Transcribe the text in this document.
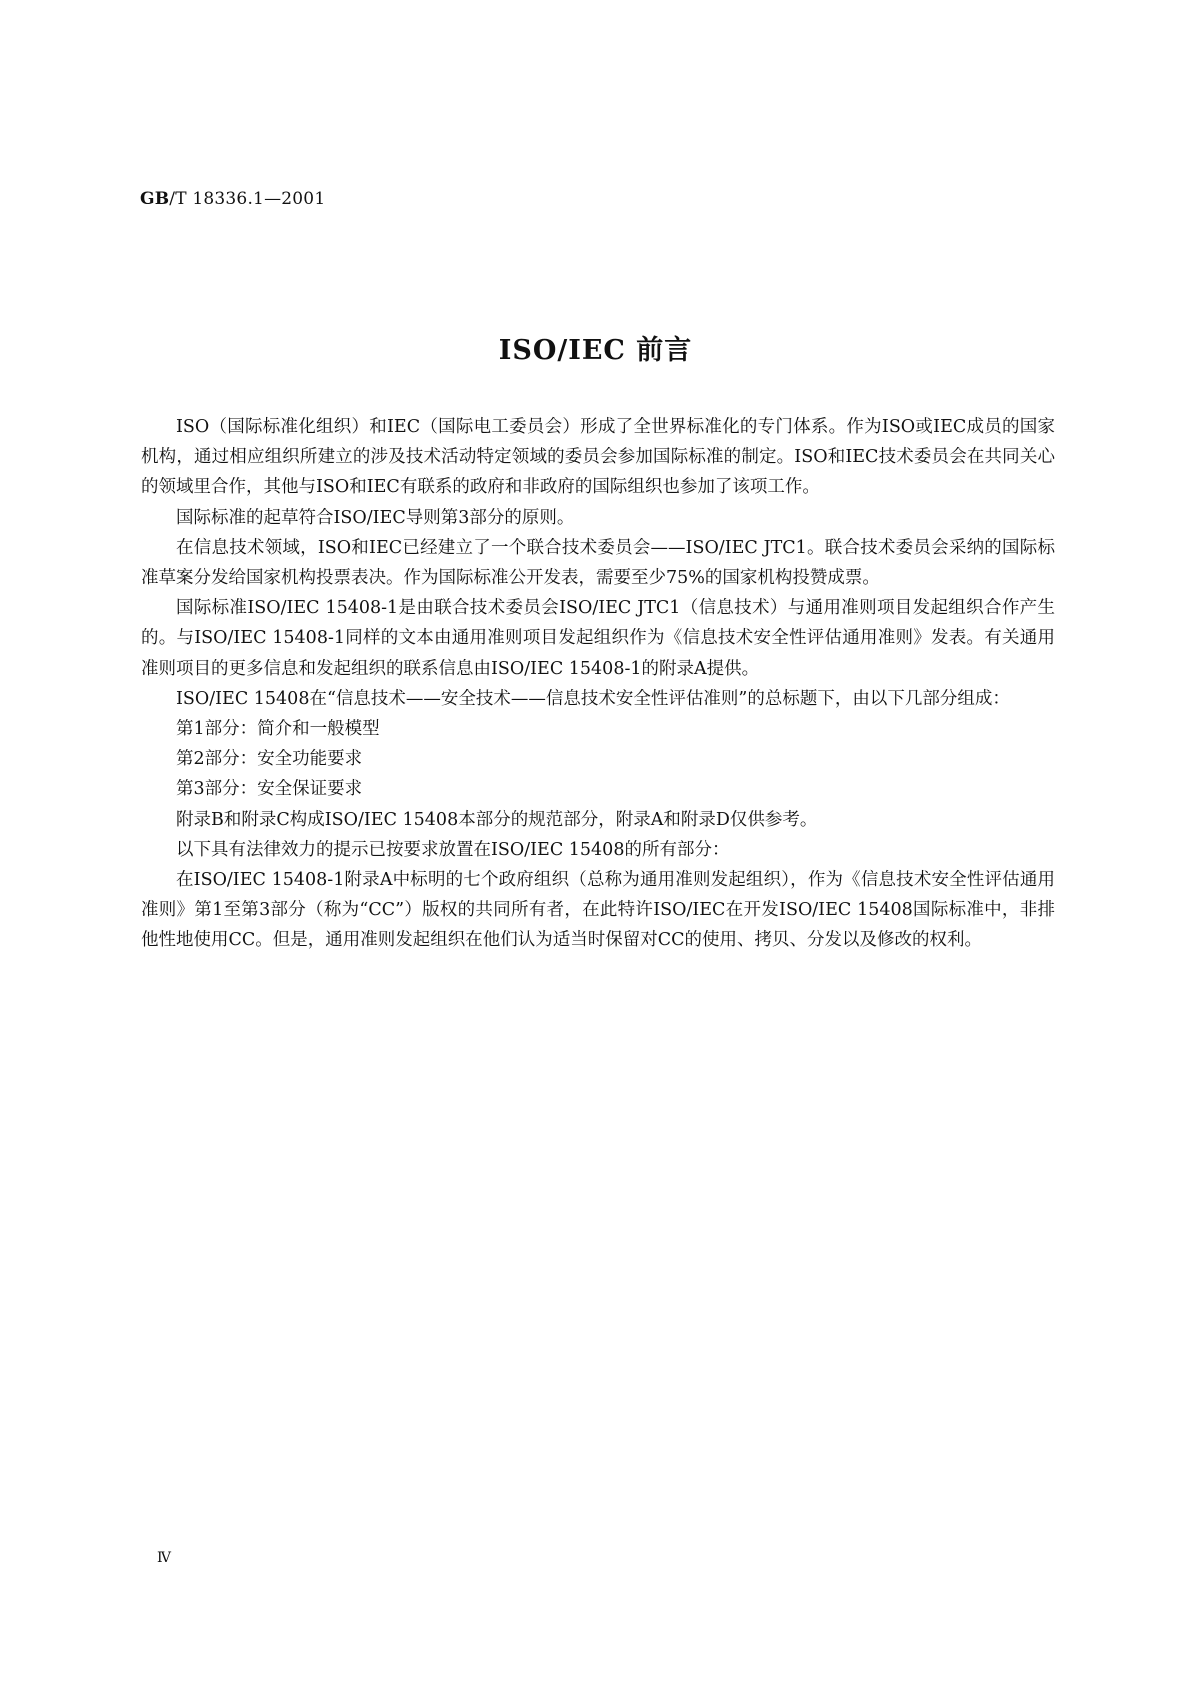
GB/T 18336.1—2001
ISO/IEC 前言

ISO（国际标准化组织）和IEC（国际电工委员会）形成了全世界标准化的专门体系。作为ISO或IEC成员的国家机构，通过相应组织所建立的涉及技术活动特定领域的委员会参加国际标准的制定。ISO和IEC技术委员会在共同关心的领域里合作，其他与ISO和IEC有联系的政府和非政府的国际组织也参加了该项工作。

国际标准的起草符合ISO/IEC导则第3部分的原则。

在信息技术领域，ISO和IEC已经建立了一个联合技术委员会——ISO/IEC JTC1。联合技术委员会采纳的国际标准草案分发给国家机构投票表决。作为国际标准公开发表，需要至少75%的国家机构投赞成票。

国际标准ISO/IEC 15408-1是由联合技术委员会ISO/IEC JTC1（信息技术）与通用准则项目发起组织合作产生的。与ISO/IEC 15408-1同样的文本由通用准则项目发起组织作为《信息技术安全性评估通用准则》发表。有关通用准则项目的更多信息和发起组织的联系信息由ISO/IEC 15408-1的附录A提供。

ISO/IEC 15408在“信息技术——安全技术——信息技术安全性评估准则”的总标题下，由以下几部分组成：

第1部分：简介和一般模型

第2部分：安全功能要求

第3部分：安全保证要求

附录B和附录C构成ISO/IEC 15408本部分的规范部分，附录A和附录D仅供参考。

以下具有法律效力的提示已按要求放置在ISO/IEC 15408的所有部分：

在ISO/IEC 15408-1附录A中标明的七个政府组织（总称为通用准则发起组织），作为《信息技术安全性评估通用准则》第1至第3部分（称为“CC”）版权的共同所有者，在此特许ISO/IEC在开发ISO/IEC 15408国际标准中，非排他性地使用CC。但是，通用准则发起组织在他们认为适当时保留对CC的使用、拷贝、分发以及修改的权利。

Ⅳ
